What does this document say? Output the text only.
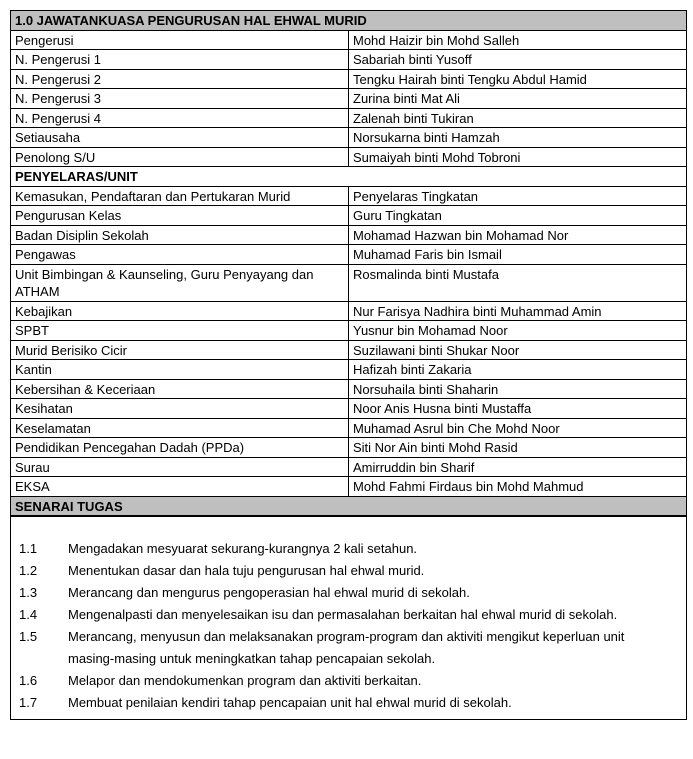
1.0 JAWATANKUASA PENGURUSAN HAL EHWAL MURID	
Pengerusi	Mohd Haizir bin Mohd Salleh
N. Pengerusi 1	Sabariah binti Yusoff
N. Pengerusi 2	Tengku Hairah binti Tengku Abdul Hamid
N. Pengerusi 3	Zurina binti Mat Ali
N. Pengerusi 4	Zalenah binti Tukiran
Setiausaha	Norsukarna binti Hamzah
Penolong S/U	Sumaiyah binti Mohd Tobroni
PENYELARAS/UNIT	
Kemasukan, Pendaftaran dan Pertukaran Murid	Penyelaras Tingkatan
Pengurusan Kelas	Guru Tingkatan
Badan Disiplin Sekolah	Mohamad Hazwan bin Mohamad Nor
Pengawas	Muhamad Faris bin Ismail
Unit Bimbingan & Kaunseling, Guru Penyayang dan ATHAM	Rosmalinda binti Mustafa
Kebajikan	Nur Farisya Nadhira binti Muhammad Amin
SPBT	Yusnur bin Mohamad Noor
Murid Berisiko Cicir	Suzilawani binti Shukar Noor
Kantin	Hafizah binti Zakaria
Kebersihan & Keceriaan	Norsuhaila binti Shaharin
Kesihatan	Noor Anis Husna binti Mustaffa
Keselamatan	Muhamad Asrul bin Che Mohd Noor
Pendidikan Pencegahan Dadah (PPDa)	Siti Nor Ain binti Mohd Rasid
Surau	Amirruddin bin Sharif
EKSA	Mohd Fahmi Firdaus bin Mohd Mahmud
SENARAI TUGAS
1.1	Mengadakan mesyuarat sekurang-kurangnya 2 kali setahun.
1.2	Menentukan dasar dan hala tuju pengurusan hal ehwal murid.
1.3	Merancang dan mengurus pengoperasian hal ehwal murid di sekolah.
1.4	Mengenalpasti dan menyelesaikan isu dan permasalahan berkaitan hal ehwal murid di sekolah.
1.5	Merancang, menyusun dan melaksanakan program-program dan aktiviti mengikut keperluan unit masing-masing untuk meningkatkan tahap pencapaian sekolah.
1.6	Melapor dan mendokumenkan program dan aktiviti berkaitan.
1.7	Membuat penilaian kendiri tahap pencapaian unit hal ehwal murid di sekolah.
